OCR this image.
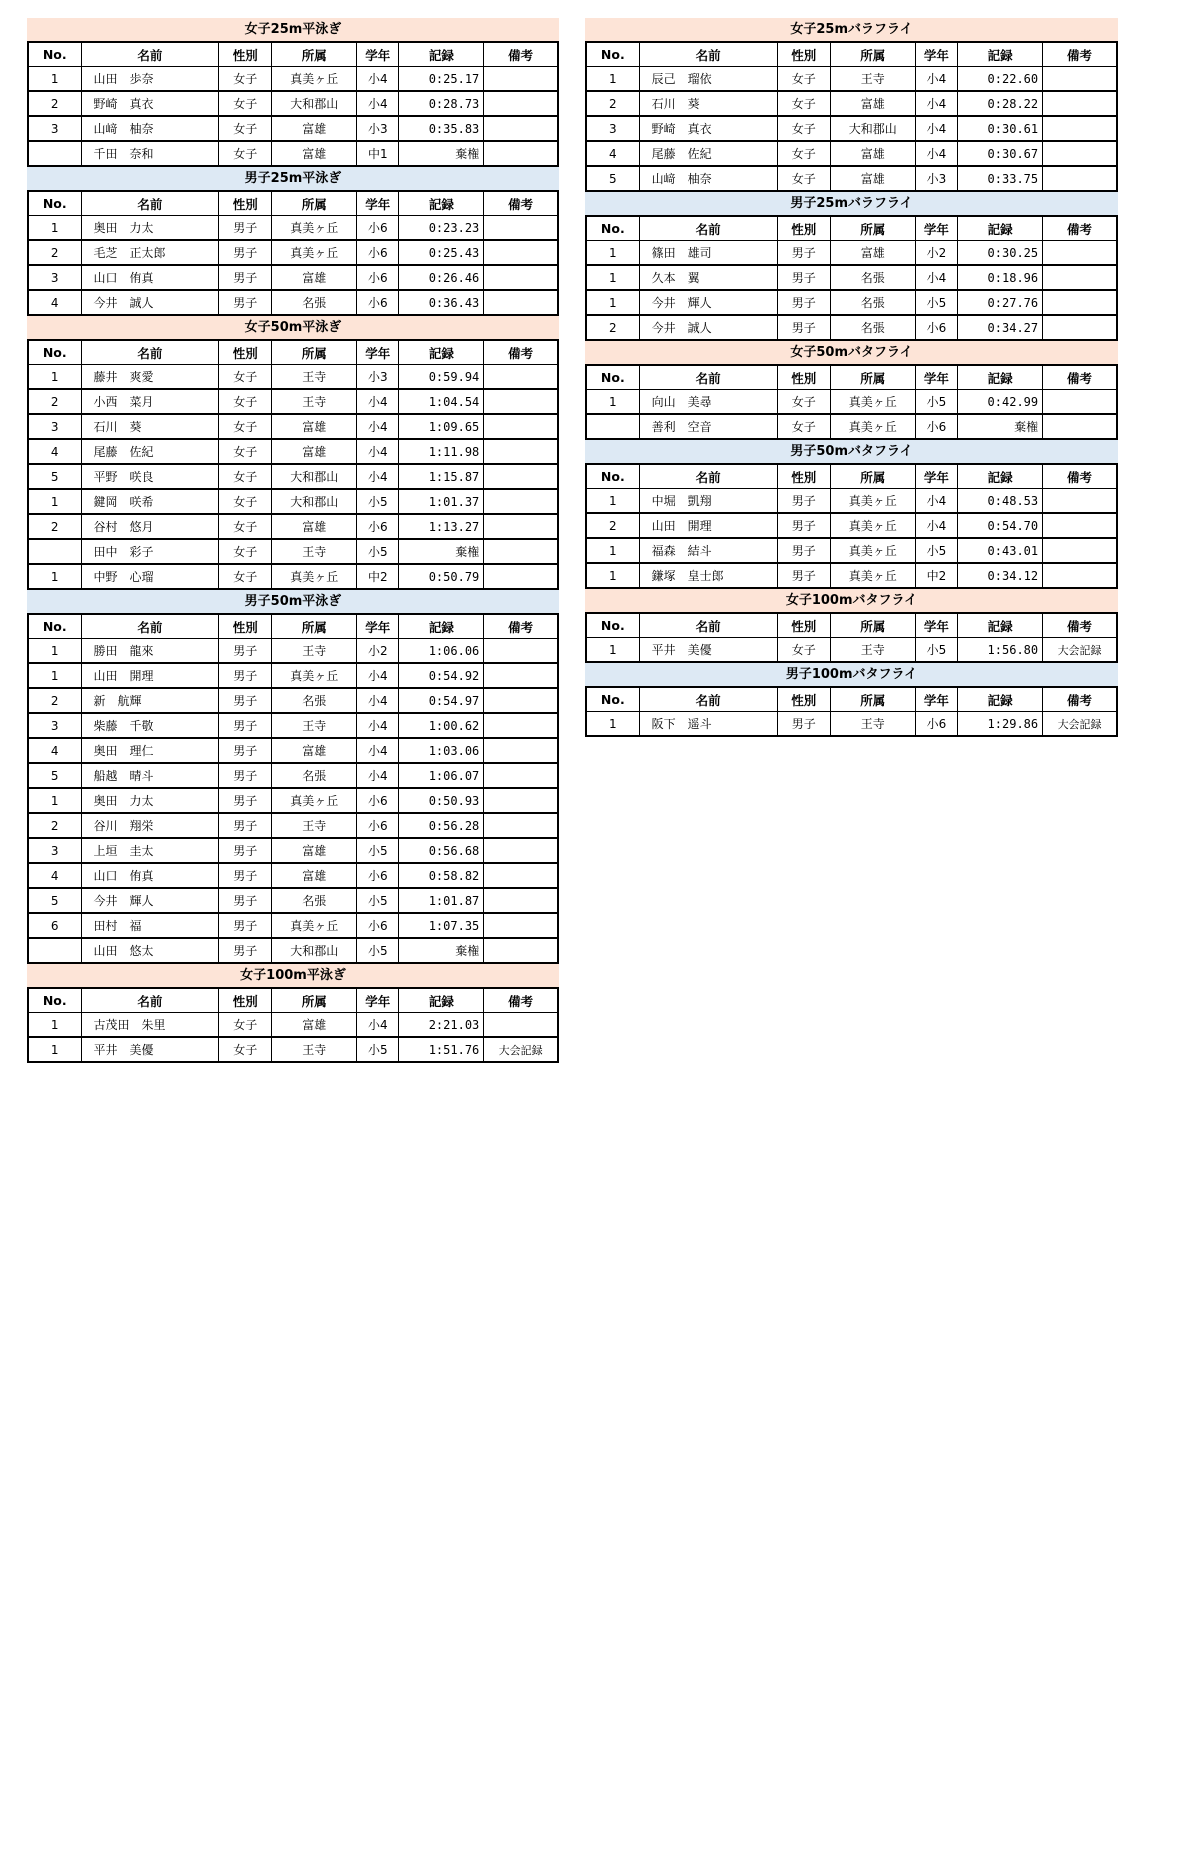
女子25m平泳ぎ
No.	名前	性別	所属	学年	記録	備考
1	山田　歩奈	女子	真美ヶ丘	小4	0:25.17	
2	野崎　真衣	女子	大和郡山	小4	0:28.73	
3	山﨑　柚奈	女子	富雄	小3	0:35.83	
	千田　奈和	女子	富雄	中1	棄権	
男子25m平泳ぎ
No.	名前	性別	所属	学年	記録	備考
1	奥田　力太	男子	真美ヶ丘	小6	0:23.23	
2	毛芝　正太郎	男子	真美ヶ丘	小6	0:25.43	
3	山口　侑真	男子	富雄	小6	0:26.46	
4	今井　誠人	男子	名張	小6	0:36.43	
女子50m平泳ぎ
No.	名前	性別	所属	学年	記録	備考
1	藤井　爽愛	女子	王寺	小3	0:59.94	
2	小西　菜月	女子	王寺	小4	1:04.54	
3	石川　葵	女子	富雄	小4	1:09.65	
4	尾藤　佐紀	女子	富雄	小4	1:11.98	
5	平野　咲良	女子	大和郡山	小4	1:15.87	
1	鍵岡　咲希	女子	大和郡山	小5	1:01.37	
2	谷村　悠月	女子	富雄	小6	1:13.27	
	田中　彩子	女子	王寺	小5	棄権	
1	中野　心瑠	女子	真美ヶ丘	中2	0:50.79	
男子50m平泳ぎ
No.	名前	性別	所属	学年	記録	備考
1	勝田　龍來	男子	王寺	小2	1:06.06	
1	山田　開理	男子	真美ヶ丘	小4	0:54.92	
2	新　航輝	男子	名張	小4	0:54.97	
3	柴藤　千敬	男子	王寺	小4	1:00.62	
4	奥田　理仁	男子	富雄	小4	1:03.06	
5	船越　晴斗	男子	名張	小4	1:06.07	
1	奥田　力太	男子	真美ヶ丘	小6	0:50.93	
2	谷川　翔栄	男子	王寺	小6	0:56.28	
3	上垣　圭太	男子	富雄	小5	0:56.68	
4	山口　侑真	男子	富雄	小6	0:58.82	
5	今井　輝人	男子	名張	小5	1:01.87	
6	田村　福	男子	真美ヶ丘	小6	1:07.35	
	山田　悠太	男子	大和郡山	小5	棄権	
女子100m平泳ぎ
No.	名前	性別	所属	学年	記録	備考
1	古茂田　朱里	女子	富雄	小4	2:21.03	
1	平井　美優	女子	王寺	小5	1:51.76	大会記録
女子25mバラフライ
No.	名前	性別	所属	学年	記録	備考
1	辰己　瑠依	女子	王寺	小4	0:22.60	
2	石川　葵	女子	富雄	小4	0:28.22	
3	野崎　真衣	女子	大和郡山	小4	0:30.61	
4	尾藤　佐紀	女子	富雄	小4	0:30.67	
5	山﨑　柚奈	女子	富雄	小3	0:33.75	
男子25mバラフライ
No.	名前	性別	所属	学年	記録	備考
1	篠田　雄司	男子	富雄	小2	0:30.25	
1	久本　翼	男子	名張	小4	0:18.96	
1	今井　輝人	男子	名張	小5	0:27.76	
2	今井　誠人	男子	名張	小6	0:34.27	
女子50mバタフライ
No.	名前	性別	所属	学年	記録	備考
1	向山　美尋	女子	真美ヶ丘	小5	0:42.99	
	善利　空音	女子	真美ヶ丘	小6	棄権	
男子50mバタフライ
No.	名前	性別	所属	学年	記録	備考
1	中堀　凱翔	男子	真美ヶ丘	小4	0:48.53	
2	山田　開理	男子	真美ヶ丘	小4	0:54.70	
1	福森　結斗	男子	真美ヶ丘	小5	0:43.01	
1	鎌塚　皇士郎	男子	真美ヶ丘	中2	0:34.12	
女子100mバタフライ
No.	名前	性別	所属	学年	記録	備考
1	平井　美優	女子	王寺	小5	1:56.80	大会記録
男子100mバタフライ
No.	名前	性別	所属	学年	記録	備考
1	阪下　遥斗	男子	王寺	小6	1:29.86	大会記録
